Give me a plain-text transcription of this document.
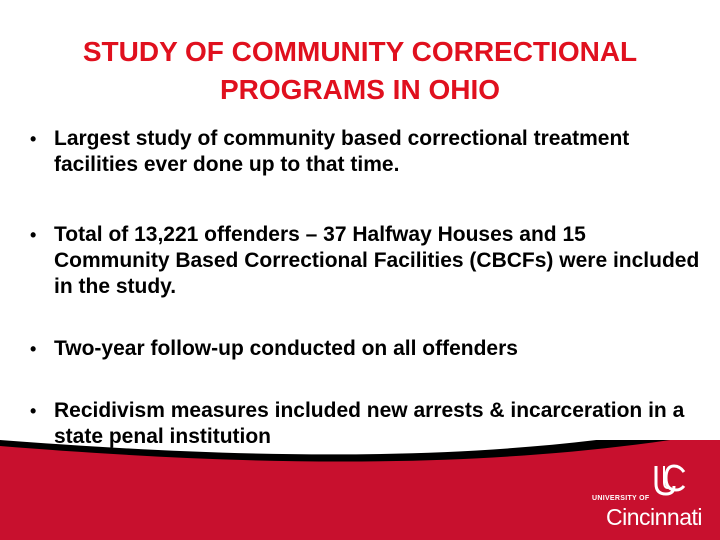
STUDY OF COMMUNITY CORRECTIONAL
PROGRAMS IN OHIO
• Largest study of community based correctional treatment facilities ever done up to that time.
• Total of 13,221 offenders – 37 Halfway Houses and 15 Community Based Correctional Facilities (CBCFs) were included in the study.
• Two-year follow-up conducted on all offenders
• Recidivism measures included new arrests & incarceration in a state penal institution
UNIVERSITY OF
Cincinnati
